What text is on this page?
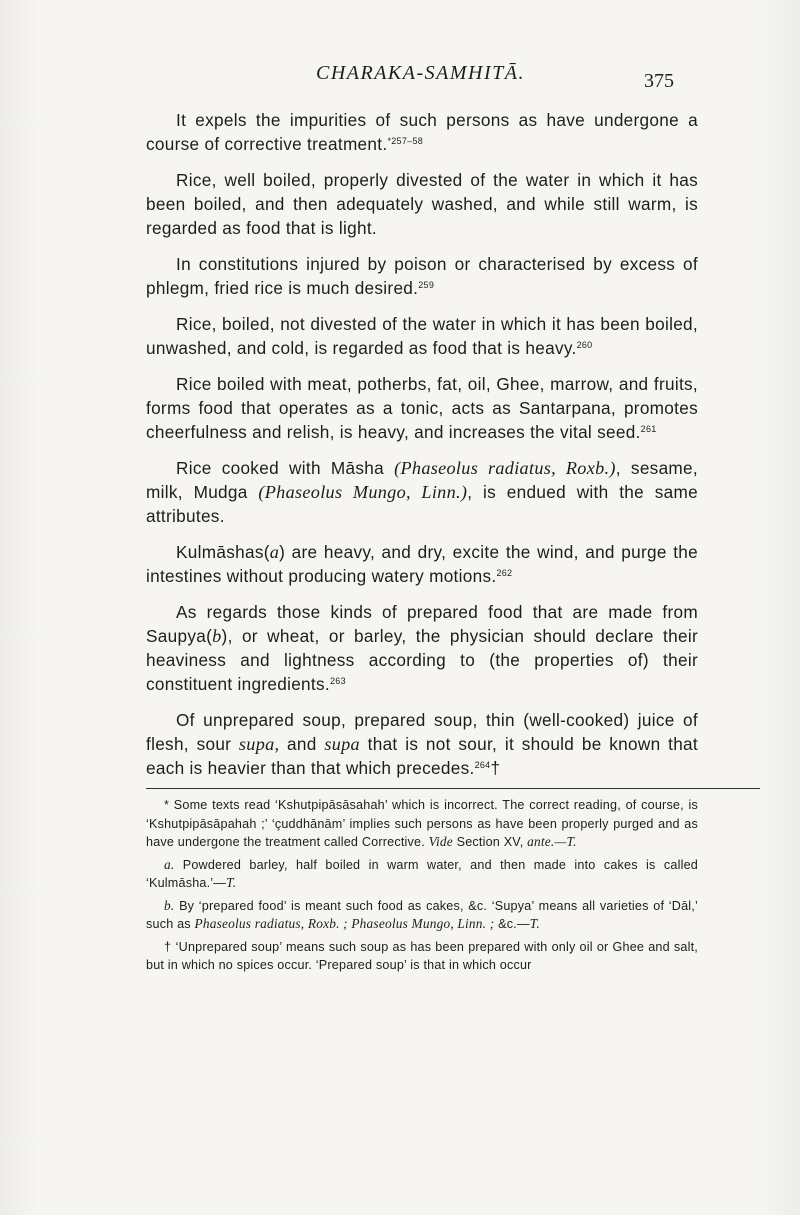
CHARAKA-SAMHITĀ.	375

It expels the impurities of such persons as have undergone a course of corrective treatment.$^{*257-58}$

Rice, well boiled, properly divested of the water in which it has been boiled, and then adequately washed, and while still warm, is regarded as food that is light.

In constitutions injured by poison or characterised by excess of phlegm, fried rice is much desired.$^{259}$

Rice, boiled, not divested of the water in which it has been boiled, unwashed, and cold, is regarded as food that is heavy.$^{260}$

Rice boiled with meat, potherbs, fat, oil, Ghee, marrow, and fruits, forms food that operates as a tonic, acts as Santarpana, promotes cheerfulness and relish, is heavy, and increases the vital seed.$^{261}$

Rice cooked with Māsha (Phaseolus radiatus, Roxb.), sesame, milk, Mudga (Phaseolus Mungo, Linn.), is endued with the same attributes.

Kulmāshas(a) are heavy, and dry, excite the wind, and purge the intestines without producing watery motions.$^{262}$

As regards those kinds of prepared food that are made from Saupya(b), or wheat, or barley, the physician should declare their heaviness and lightness according to (the properties of) their constituent ingredients.$^{263}$

Of unprepared soup, prepared soup, thin (well-cooked) juice of flesh, sour supa, and supa that is not sour, it should be known that each is heavier than that which precedes.$^{264}$†

* Some texts read ‘Kshutpipāsāsahah’ which is incorrect. The correct reading, of course, is ‘Kshutpipāsāpahah ;’ ‘çuddhānām’ implies such persons as have been properly purged and as have undergone the treatment called Corrective. Vide Section XV, ante.—T.

a. Powdered barley, half boiled in warm water, and then made into cakes is called ‘Kulmāsha.’—T.

b. By ‘prepared food’ is meant such food as cakes, &c. ‘Supya’ means all varieties of ‘Dāl,’ such as Phaseolus radiatus, Roxb. ; Phaseolus Mungo, Linn. ; &c.—T.

† ‘Unprepared soup’ means such soup as has been prepared with only oil or Ghee and salt, but in which no spices occur. ‘Prepared soup’ is that in which occur
